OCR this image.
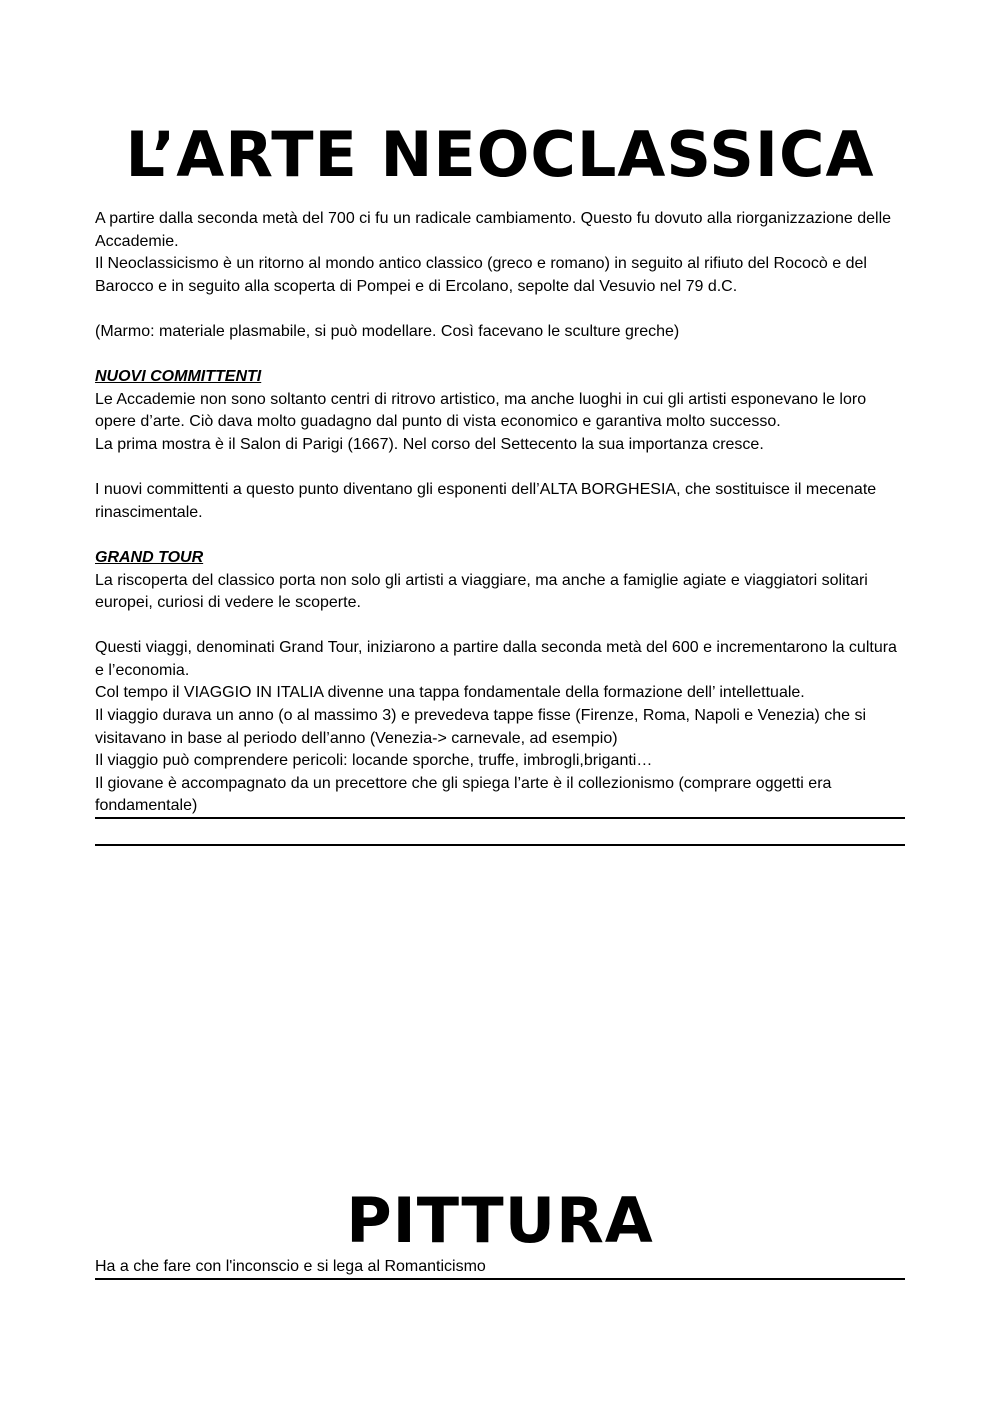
L’ARTE NEOCLASSICA

A partire dalla seconda metà del 700 ci fu un radicale cambiamento. Questo fu dovuto alla riorganizzazione delle Accademie.

Il Neoclassicismo è un ritorno al mondo antico classico (greco e romano) in seguito al rifiuto del Rococò e del Barocco e in seguito alla scoperta di Pompei e di Ercolano, sepolte dal Vesuvio nel 79 d.C.

(Marmo: materiale plasmabile, si può modellare. Così facevano le sculture greche)

NUOVI COMMITTENTI

Le Accademie non sono soltanto centri di ritrovo artistico, ma anche luoghi in cui gli artisti esponevano le loro opere d’arte. Ciò dava molto guadagno dal punto di vista economico e garantiva molto successo.

La prima mostra è il Salon di Parigi (1667). Nel corso del Settecento la sua importanza cresce.

I nuovi committenti a questo punto diventano gli esponenti dell’ALTA BORGHESIA, che sostituisce il mecenate rinascimentale.

GRAND TOUR

La riscoperta del classico porta non solo gli artisti a viaggiare, ma anche a famiglie agiate e viaggiatori solitari europei, curiosi di vedere le scoperte.

Questi viaggi, denominati Grand Tour, iniziarono a partire dalla seconda metà del 600 e incrementarono la cultura e l’economia.

Col tempo il VIAGGIO IN ITALIA divenne una tappa fondamentale della formazione dell’ intellettuale.

Il viaggio durava un anno (o al massimo 3) e prevedeva tappe fisse (Firenze, Roma, Napoli e Venezia) che si visitavano in base al periodo dell’anno (Venezia-> carnevale, ad esempio)

Il viaggio può comprendere pericoli: locande sporche, truffe, imbrogli,briganti…

Il giovane è accompagnato da un precettore che gli spiega l’arte è il collezionismo (comprare oggetti era fondamentale)

PITTURA

Ha a che fare con l'inconscio e si lega al Romanticismo
